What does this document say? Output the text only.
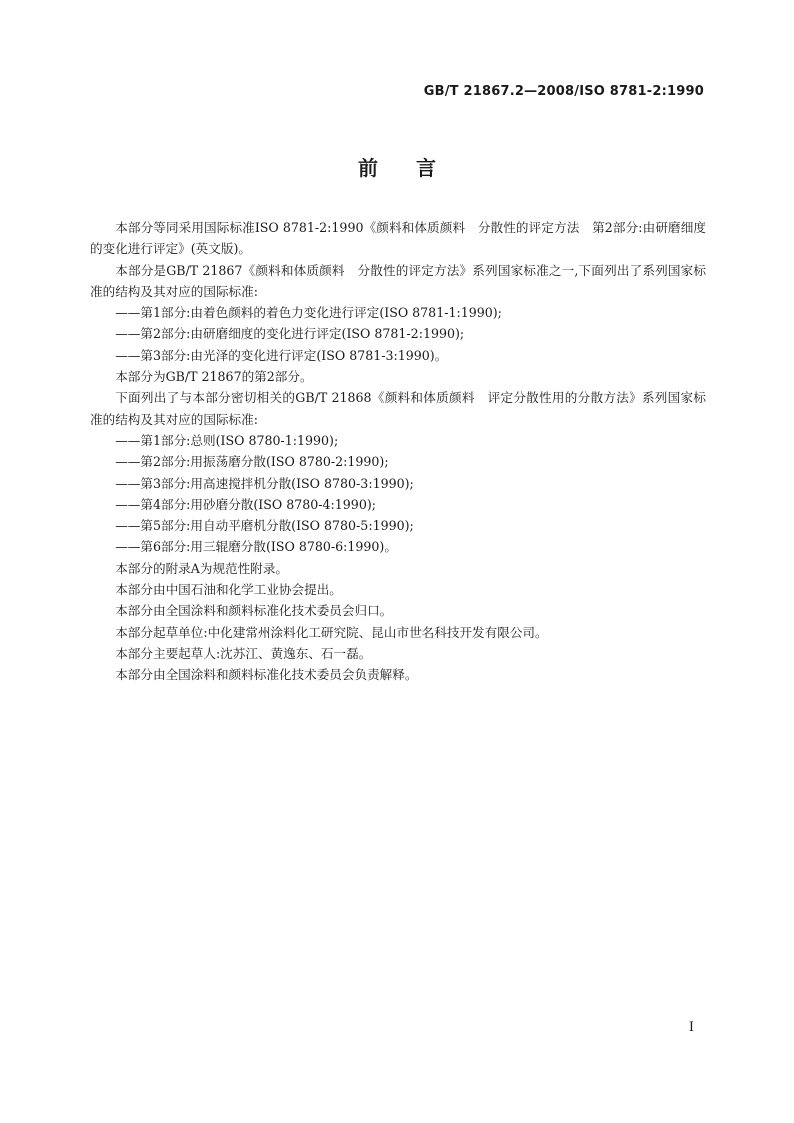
GB/T 21867.2—2008/ISO 8781-2:1990
前言

本部分等同采用国际标准ISO 8781-2:1990《颜料和体质颜料　分散性的评定方法　第2部分:由研磨细度的变化进行评定》(英文版)。

本部分是GB/T 21867《颜料和体质颜料　分散性的评定方法》系列国家标准之一,下面列出了系列国家标准的结构及其对应的国际标准:

——第1部分:由着色颜料的着色力变化进行评定(ISO 8781-1:1990);

——第2部分:由研磨细度的变化进行评定(ISO 8781-2:1990);

——第3部分:由光泽的变化进行评定(ISO 8781-3:1990)。

本部分为GB/T 21867的第2部分。

下面列出了与本部分密切相关的GB/T 21868《颜料和体质颜料　评定分散性用的分散方法》系列国家标准的结构及其对应的国际标准:

——第1部分:总则(ISO 8780-1:1990);

——第2部分:用振荡磨分散(ISO 8780-2:1990);

——第3部分:用高速搅拌机分散(ISO 8780-3:1990);

——第4部分:用砂磨分散(ISO 8780-4:1990);

——第5部分:用自动平磨机分散(ISO 8780-5:1990);

——第6部分:用三辊磨分散(ISO 8780-6:1990)。

本部分的附录A为规范性附录。

本部分由中国石油和化学工业协会提出。

本部分由全国涂料和颜料标准化技术委员会归口。

本部分起草单位:中化建常州涂料化工研究院、昆山市世名科技开发有限公司。

本部分主要起草人:沈苏江、黄逸东、石一磊。

本部分由全国涂料和颜料标准化技术委员会负责解释。

I
